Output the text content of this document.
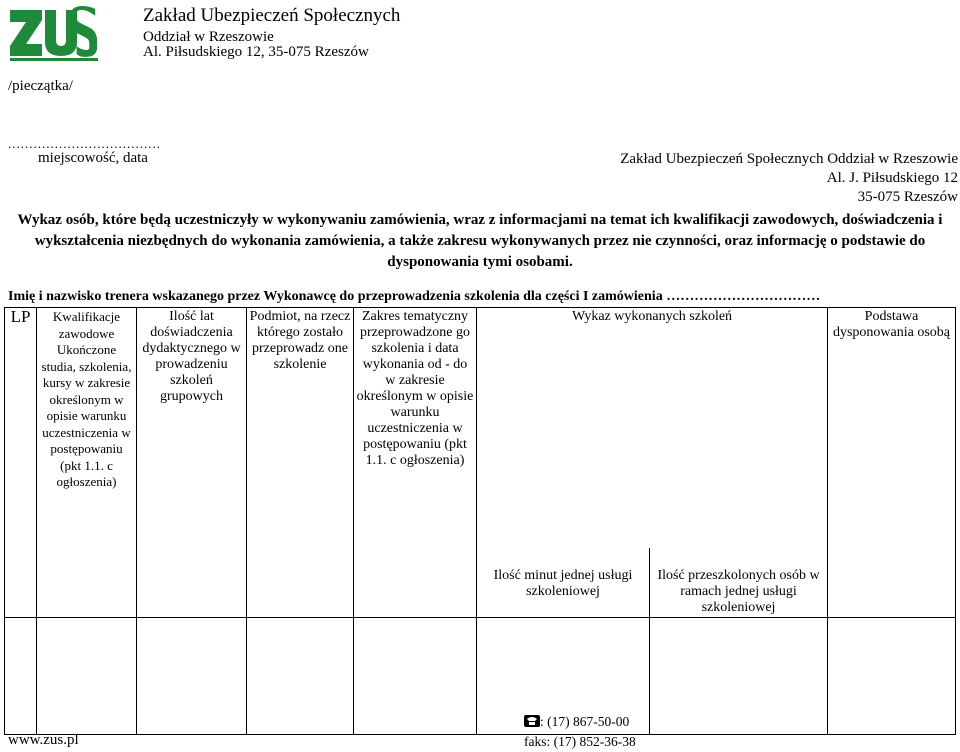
Zakład Ubezpieczeń Społecznych
Oddział w Rzeszowie
Al. Piłsudskiego 12, 35-075 Rzeszów
/pieczątka/
....................................
miejscowość, data	Zakład Ubezpieczeń Społecznych Oddział w Rzeszowie
Al. J. Piłsudskiego 12
35-075 Rzeszów
Wykaz osób, które będą uczestniczyły w wykonywaniu zamówienia, wraz z informacjami na temat ich kwalifikacji zawodowych, doświadczenia i wykształcenia niezbędnych do wykonania zamówienia, a także zakresu wykonywanych przez nie czynności, oraz informację o podstawie do dysponowania tymi osobami.
Imię i nazwisko trenera wskazanego przez Wykonawcę do przeprowadzenia szkolenia dla części I zamówienia ……………………………
LP	Kwalifikacje zawodowe Ukończone studia, szkolenia, kursy w zakresie określonym w opisie warunku uczestniczenia w postępowaniu (pkt 1.1. c ogłoszenia)	Ilość lat doświadczenia dydaktycznego w prowadzeniu szkoleń grupowych	Podmiot, na rzecz którego zostało przeprowadz one szkolenie	Zakres tematyczny przeprowadzone go szkolenia i data wykonania od - do w zakresie określonym w opisie warunku uczestniczenia w postępowaniu (pkt 1.1. c ogłoszenia)	Wykaz wykonanych szkoleń		Podstawa dysponowania osobą
					Ilość minut jednej usługi szkoleniowej	Ilość przeszkolonych osób w ramach jednej usługi szkoleniowej	

www.zus.pl
: (17) 867-50-00
faks: (17) 852-36-38
